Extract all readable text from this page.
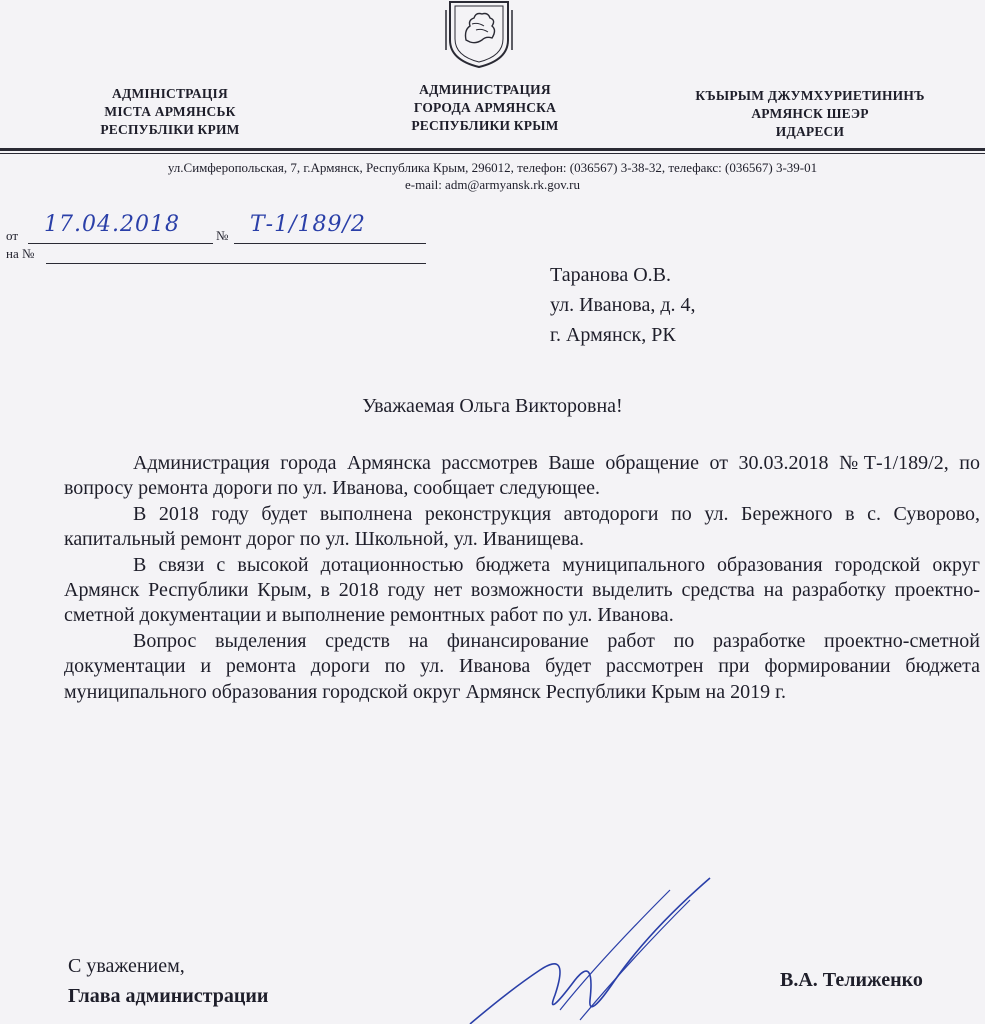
АДМІНІСТРАЦІЯ
МІСТА АРМЯНСЬК
РЕСПУБЛІКИ КРИМ
АДМИНИСТРАЦИЯ
ГОРОДА АРМЯНСКА
РЕСПУБЛИКИ КРЫМ
КЪЫРЫМ ДЖУМХУРИЕТИНИНЪ
АРМЯНСК ШЕЭР
ИДАРЕСИ
ул.Симферопольская, 7, г.Армянск, Республика Крым, 296012, телефон: (036567) 3-38-32, телефакс: (036567) 3-39-01
e-mail: adm@armyansk.rk.gov.ru
от 17.04.2018	№ Т-1/189/2
на №
Таранова О.В.
ул. Иванова, д. 4,
г. Армянск, РК
Уважаемая Ольга Викторовна!

Администрация города Армянска рассмотрев Ваше обращение от 30.03.2018 №Т-1/189/2, по вопросу ремонта дороги по ул. Иванова, сообщает следующее.

В 2018 году будет выполнена реконструкция автодороги по ул. Бережного в с. Суворово, капитальный ремонт дорог по ул. Школьной, ул. Иванищева.

В связи с высокой дотационностью бюджета муниципального образования городской округ Армянск Республики Крым, в 2018 году нет возможности выделить средства на разработку проектно-сметной документации и выполнение ремонтных работ по ул. Иванова.

Вопрос выделения средств на финансирование работ по разработке проектно-сметной документации и ремонта дороги по ул. Иванова будет рассмотрен при формировании бюджета муниципального образования городской округ Армянск Республики Крым на 2019 г.

С уважением,
Глава администрации
В.А. Телиженко
